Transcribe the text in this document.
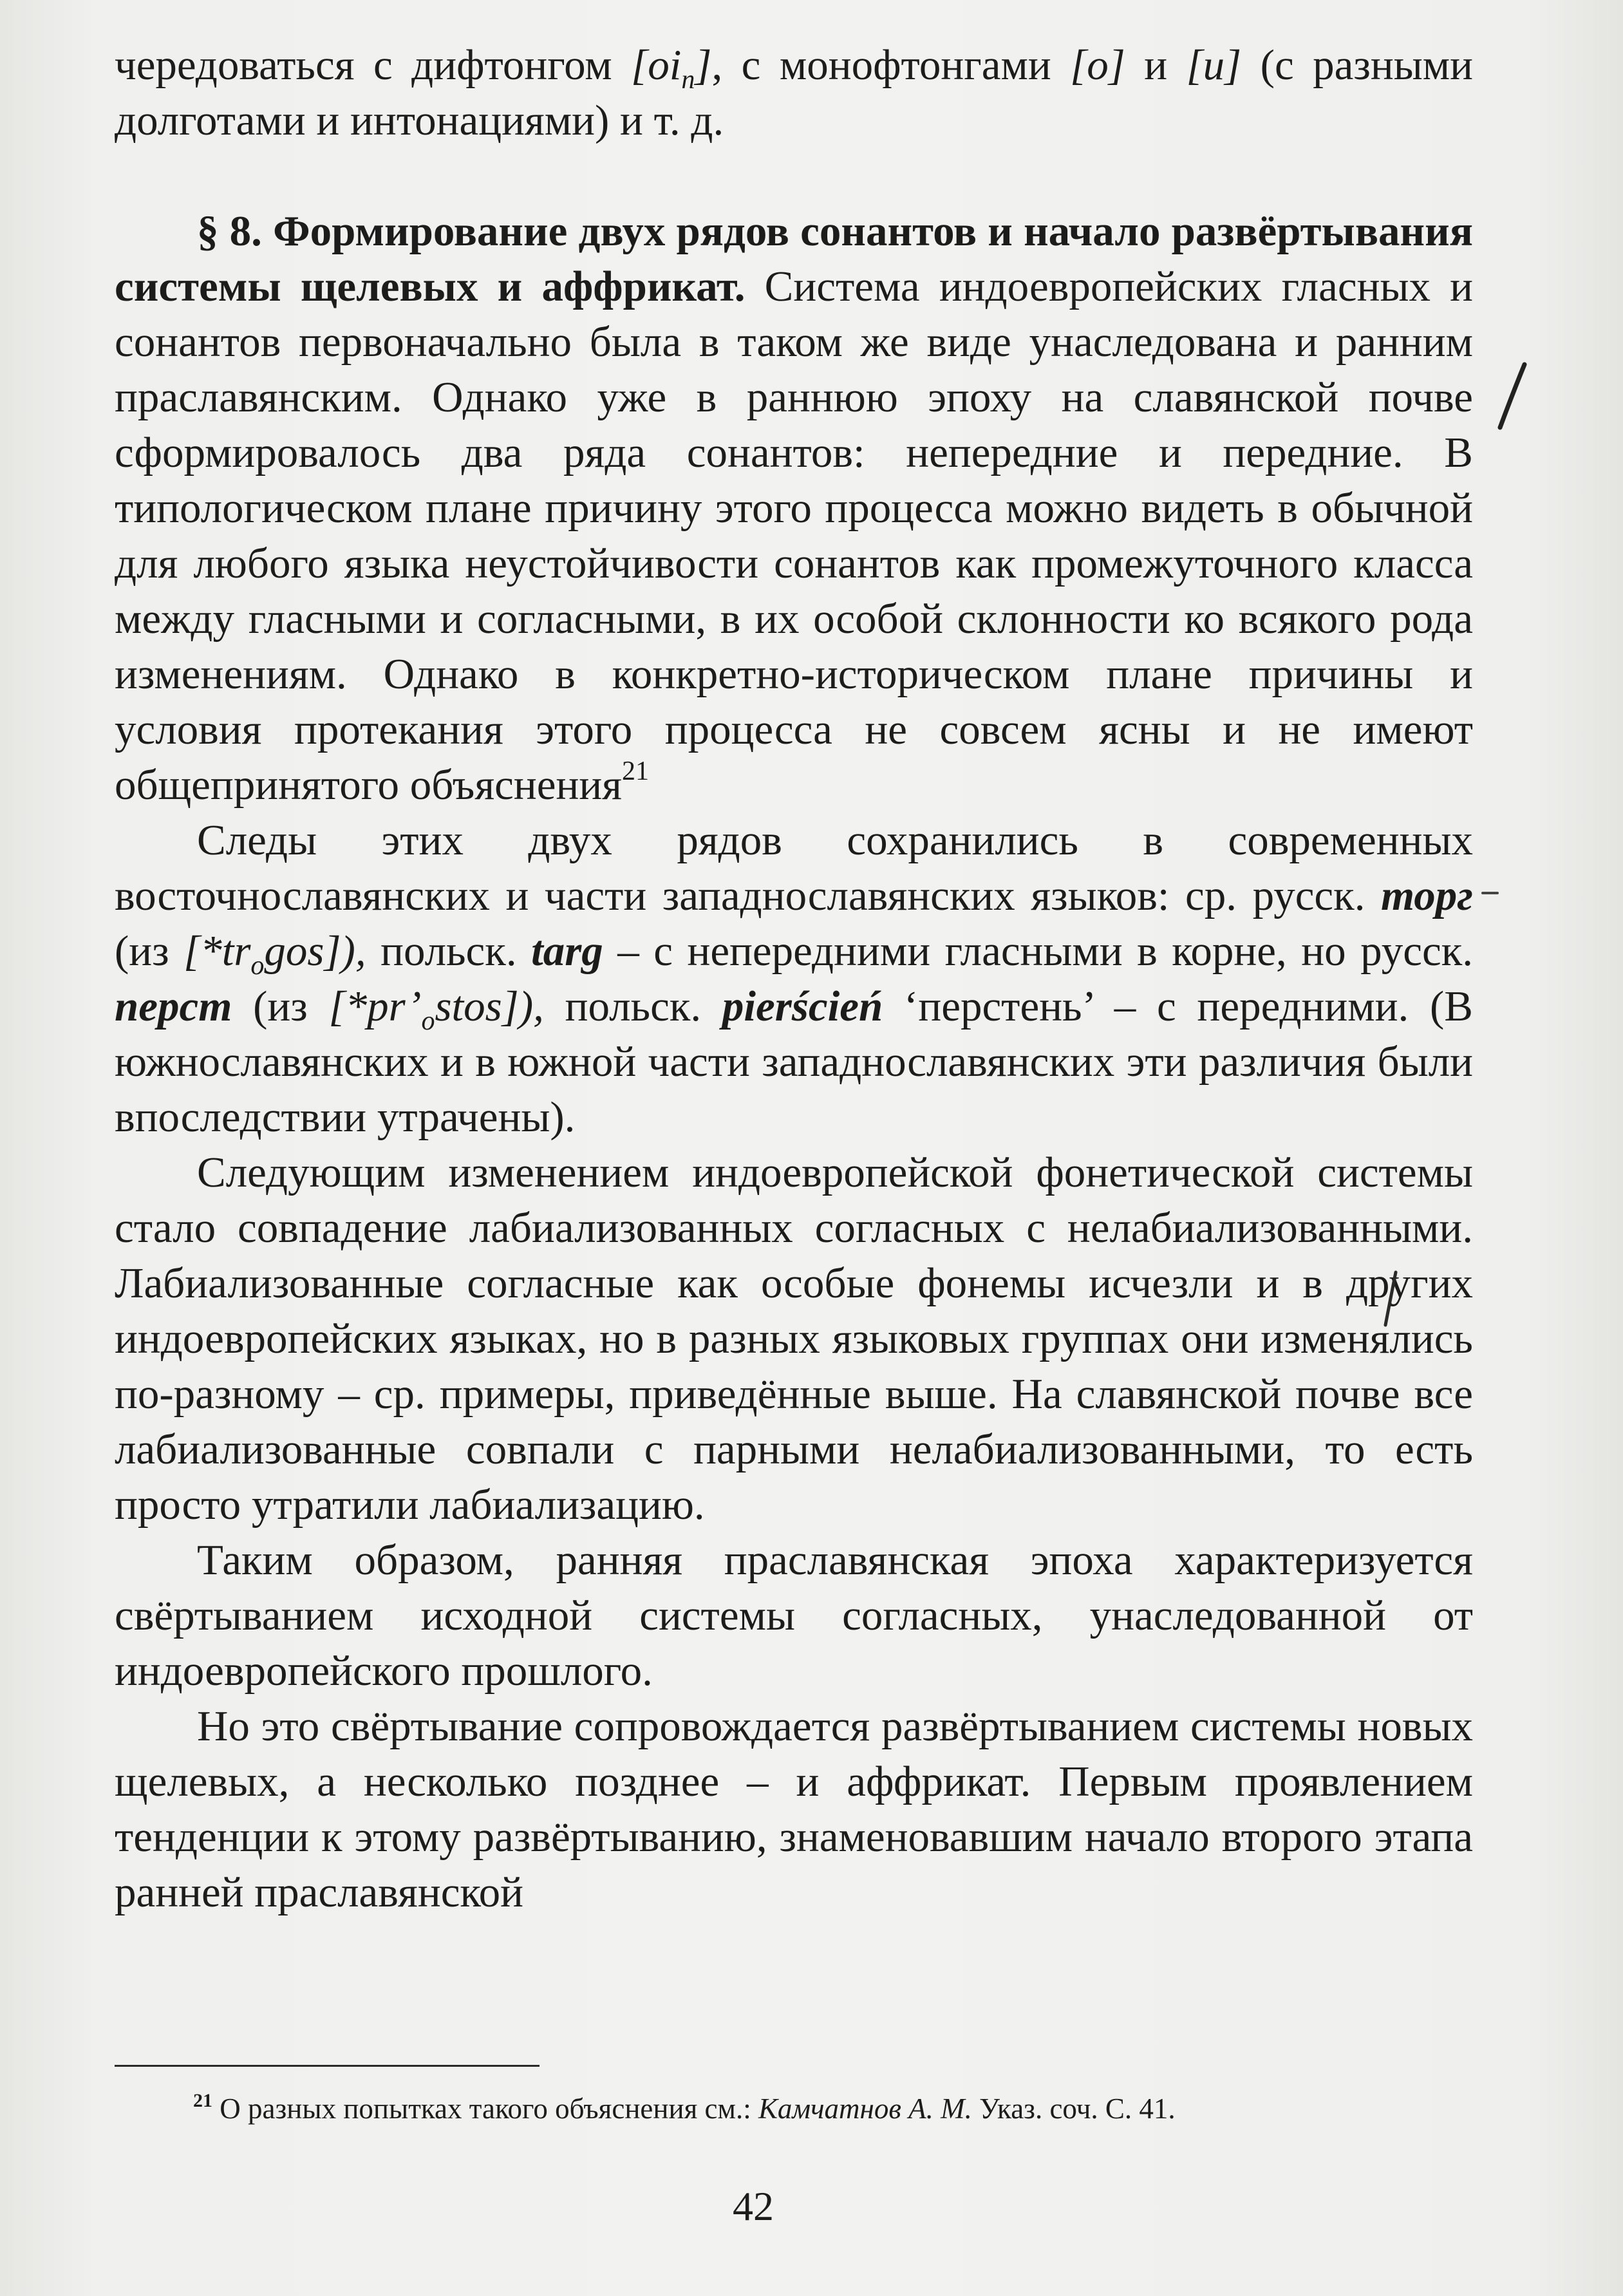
чередоваться с дифтонгом $[oi_n]$, с монофтонгами [o] и [u] (с разными долготами и интонациями) и т. д.

§ 8. Формирование двух рядов сонантов и начало развёртывания системы щелевых и аффрикат. Система индоевропейских гласных и сонантов первоначально была в таком же виде унаследована и ранним праславянским. Однако уже в раннюю эпоху на славянской почве сформировалось два ряда сонантов: непередние и передние. В типологическом плане причину этого процесса можно видеть в обычной для любого языка неустойчивости сонантов как промежуточного класса между гласными и согласными, в их особой склонности ко всякого рода изменениям. Однако в конкретно-историческом плане причины и условия протекания этого процесса не совсем ясны и не имеют общепринятого объяснения$^{21}$

Следы этих двух рядов сохранились в современных восточнославянских и части западнославянских языков: ср. русск. торг (из $[*tr_ogos]$), польск. targ – с непередними гласными в корне, но русск. перст (из $[*pr’_ostos]$), польск. pierścień ‘перстень’ – с передними. (В южнославянских и в южной части западнославянских эти различия были впоследствии утрачены).

Следующим изменением индоевропейской фонетической системы стало совпадение лабиализованных согласных с нелабиализованными. Лабиализованные согласные как особые фонемы исчезли и в других индоевропейских языках, но в разных языковых группах они изменялись по-разному – ср. примеры, приведённые выше. На славянской почве все лабиализованные совпали с парными нелабиализованными, то есть просто утратили лабиализацию.

Таким образом, ранняя праславянская эпоха характеризуется свёртыванием исходной системы согласных, унаследованной от индоевропейского прошлого.

Но это свёртывание сопровождается развёртыванием системы новых щелевых, а несколько позднее – и аффрикат. Первым проявлением тенденции к этому развёртыванию, знаменовавшим начало второго этапа ранней праславянской

$^{21}$ О разных попытках такого объяснения см.: Камчатнов А. М. Указ. соч. С. 41.
42
